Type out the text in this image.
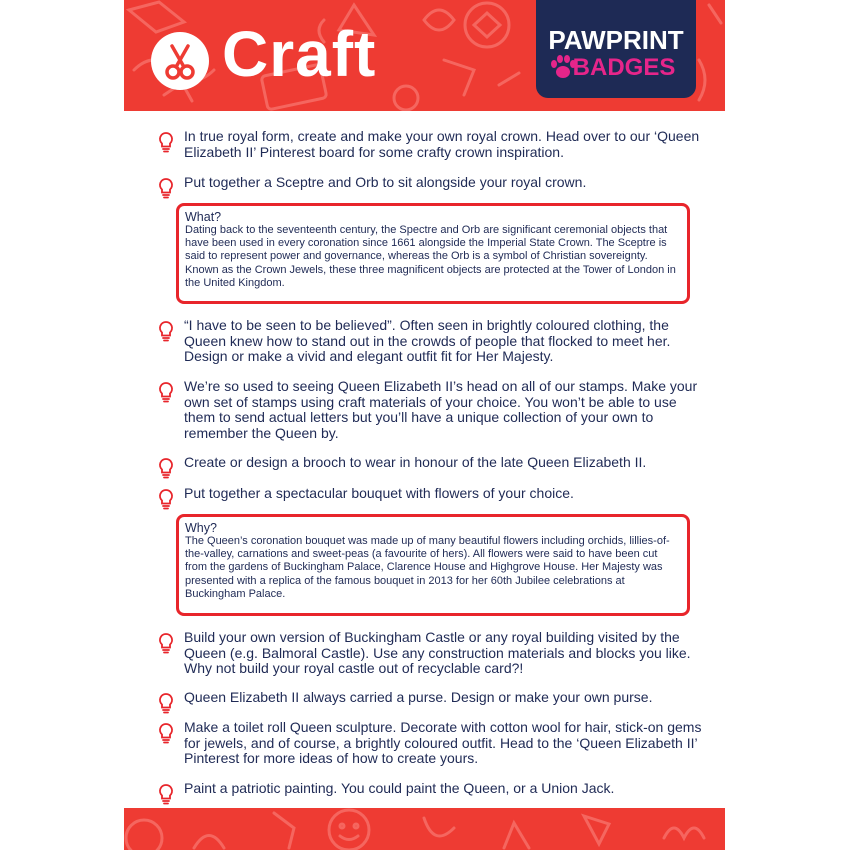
Craft	PAWPRINT
BADGES
In true royal form, create and make your own royal crown. Head over to our ‘Queen Elizabeth II’ Pinterest board for some crafty crown inspiration.
Put together a Sceptre and Orb to sit alongside your royal crown.
What?
Dating back to the seventeenth century, the Spectre and Orb are significant ceremonial objects that have been used in every coronation since 1661 alongside the Imperial State Crown. The Sceptre is said to represent power and governance, whereas the Orb is a symbol of Christian sovereignty. Known as the Crown Jewels, these three magnificent objects are protected at the Tower of London in the United Kingdom.
“I have to be seen to be believed”. Often seen in brightly coloured clothing, the Queen knew how to stand out in the crowds of people that flocked to meet her. Design or make a vivid and elegant outfit fit for Her Majesty.
We’re so used to seeing Queen Elizabeth II’s head on all of our stamps. Make your own set of stamps using craft materials of your choice. You won’t be able to use them to send actual letters but you’ll have a unique collection of your own to remember the Queen by.
Create or design a brooch to wear in honour of the late Queen Elizabeth II.
Put together a spectacular bouquet with flowers of your choice.
Why?
The Queen’s coronation bouquet was made up of many beautiful flowers including orchids, lillies-of-the-valley, carnations and sweet-peas (a favourite of hers). All flowers were said to have been cut from the gardens of Buckingham Palace, Clarence House and Highgrove House. Her Majesty was presented with a replica of the famous bouquet in 2013 for her 60th Jubilee celebrations at Buckingham Palace.
Build your own version of Buckingham Castle or any royal building visited by the Queen (e.g. Balmoral Castle). Use any construction materials and blocks you like. Why not build your royal castle out of recyclable card?!
Queen Elizabeth II always carried a purse. Design or make your own purse.
Make a toilet roll Queen sculpture. Decorate with cotton wool for hair, stick-on gems for jewels, and of course, a brightly coloured outfit. Head to the ‘Queen Elizabeth II’ Pinterest for more ideas of how to create yours.
Paint a patriotic painting. You could paint the Queen, or a Union Jack.
